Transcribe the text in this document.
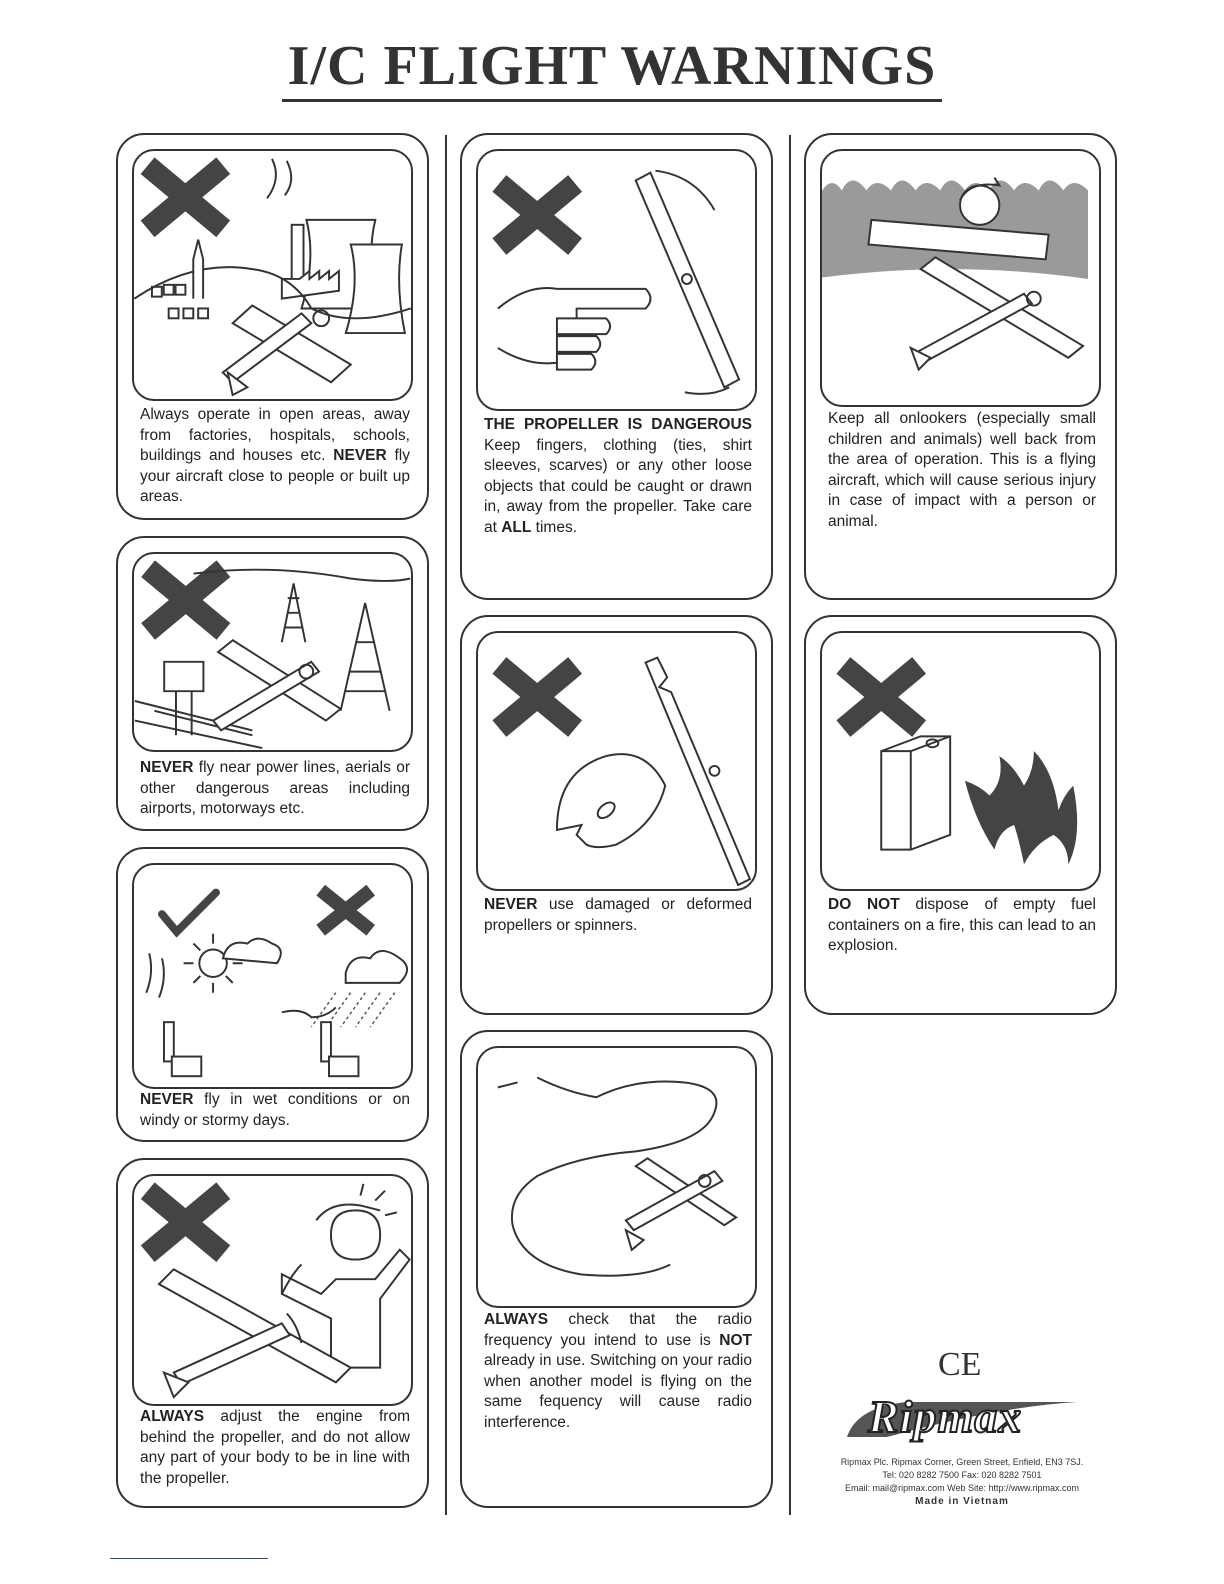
I/C FLIGHT WARNINGS
Always operate in open areas, away from factories, hospitals, schools, buildings and houses etc. NEVER fly your aircraft close to people or built up areas.
NEVER fly near power lines, aerials or other dangerous areas including airports, motorways etc.
NEVER fly in wet conditions or on windy or stormy days.
ALWAYS adjust the engine from behind the propeller, and do not allow any part of your body to be in line with the propeller.
THE PROPELLER IS DANGEROUS Keep fingers, clothing (ties, shirt sleeves, scarves) or any other loose objects that could be caught or drawn in, away from the propeller. Take care at ALL times.
NEVER use damaged or deformed propellers or spinners.
ALWAYS check that the radio frequency you intend to use is NOT already in use. Switching on your radio when another model is flying on the same fequency will cause radio interference.
Keep all onlookers (especially small children and animals) well back from the area of operation. This is a flying aircraft, which will cause serious injury in case of impact with a person or animal.
DO NOT dispose of empty fuel containers on a fire, this can lead to an explosion.
CE
Ripmax
Ripmax Plc. Ripmax Corner, Green Street, Enfield, EN3 7SJ.
Tel: 020 8282 7500 Fax: 020 8282 7501
Email: mail@ripmax.com Web Site: http://www.ripmax.com
Made in Vietnam
